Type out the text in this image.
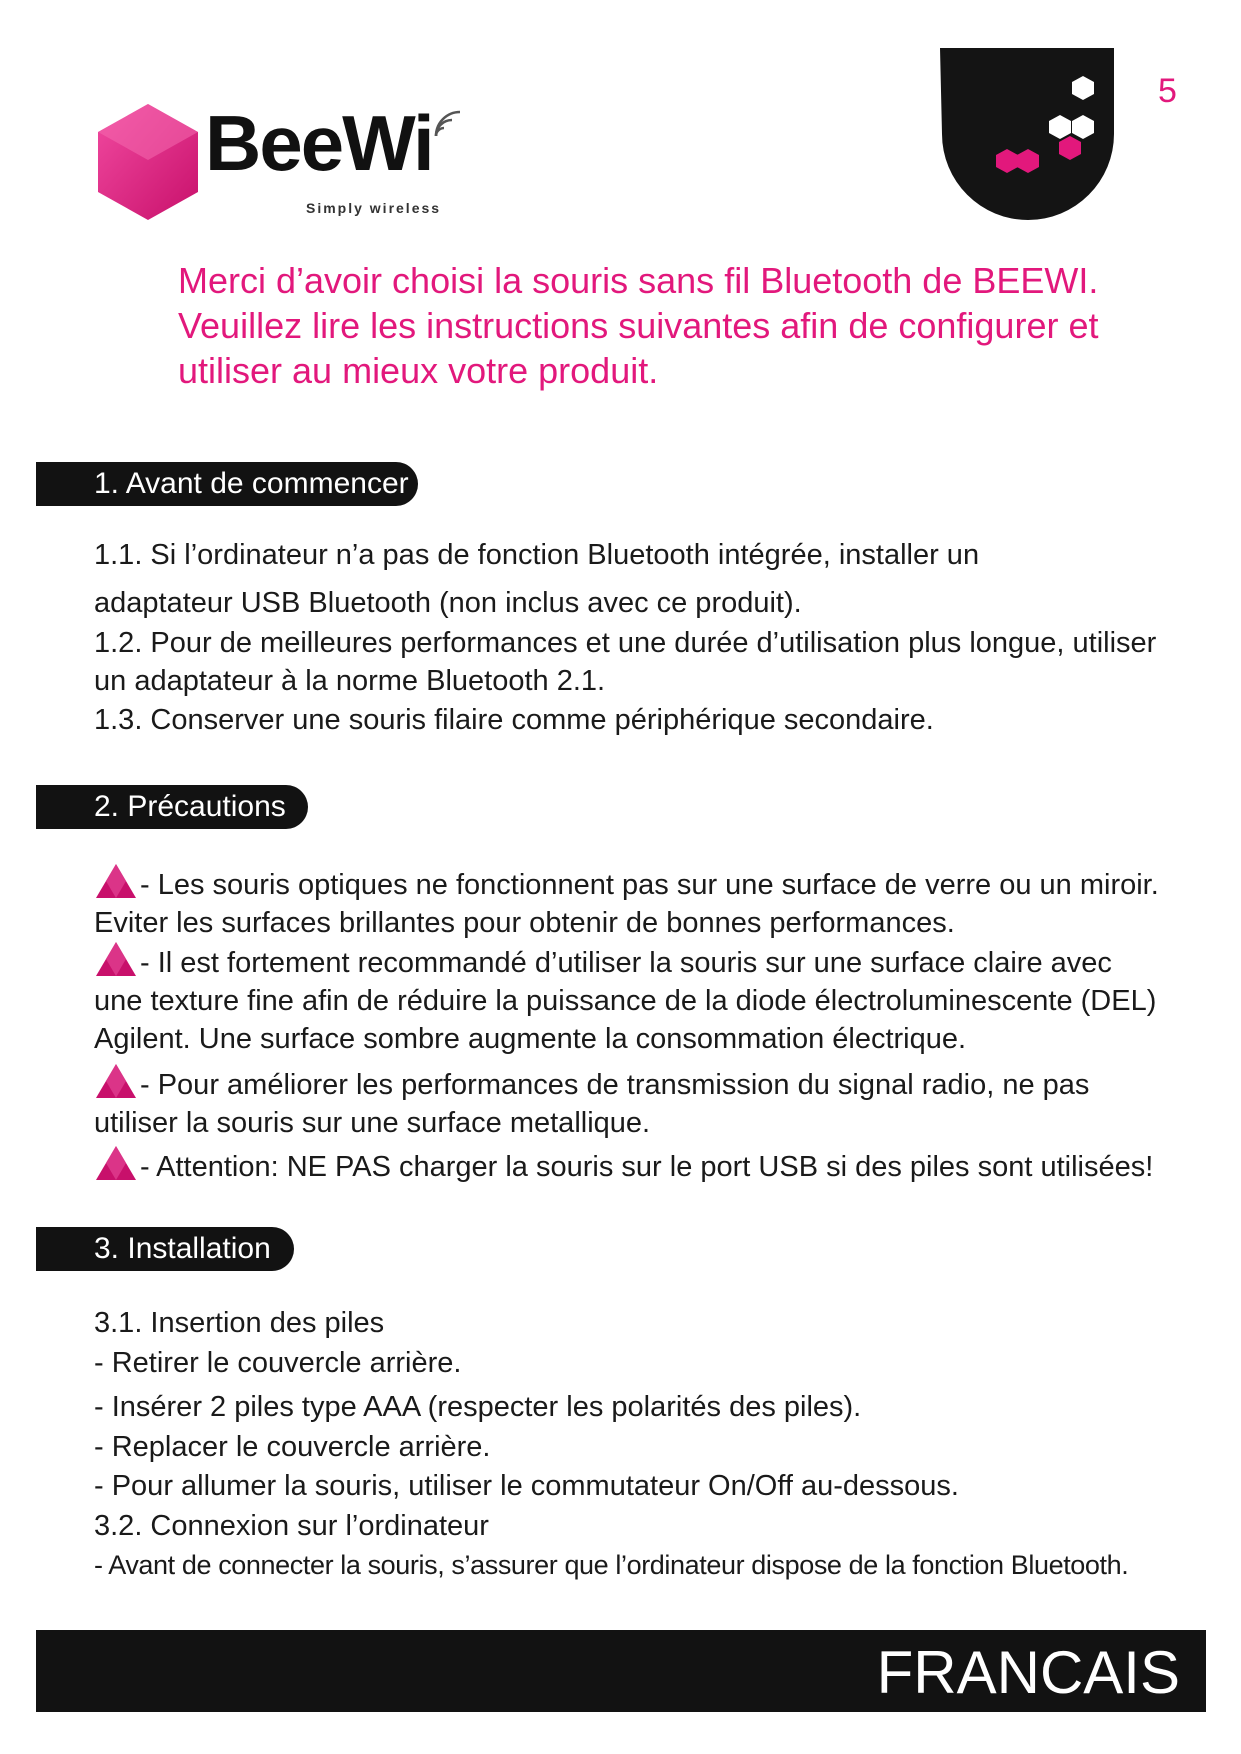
BeeWi
Simply wireless
5
Merci d’avoir choisi la souris sans fil Bluetooth de BEEWI.
Veuillez lire les instructions suivantes afin de configurer et
utiliser au mieux votre produit.
1. Avant de commencer
1.1. Si l’ordinateur n’a pas de fonction Bluetooth intégrée, installer un
adaptateur USB Bluetooth (non inclus avec ce produit).
1.2. Pour de meilleures performances et une durée d’utilisation plus longue, utiliser
un adaptateur à la norme Bluetooth 2.1.
1.3. Conserver une souris filaire comme périphérique secondaire.
2. Précautions
- Les souris optiques ne fonctionnent pas sur une surface de verre ou un miroir. Eviter les surfaces brillantes pour obtenir de bonnes performances.
- Il est fortement recommandé d’utiliser la souris sur une surface claire avec une texture fine afin de réduire la puissance de la diode électroluminescente (DEL) Agilent. Une surface sombre augmente la consommation électrique.
- Pour améliorer les performances de transmission du signal radio, ne pas utiliser la souris sur une surface metallique.
- Attention: NE PAS charger la souris sur le port USB si des piles sont utilisées!
3. Installation
3.1. Insertion des piles
- Retirer le couvercle arrière.
- Insérer 2 piles type AAA (respecter les polarités des piles).
- Replacer le couvercle arrière.
- Pour allumer la souris, utiliser le commutateur On/Off au-dessous.
3.2. Connexion sur l’ordinateur
- Avant de connecter la souris, s’assurer que l’ordinateur dispose de la fonction Bluetooth.
FRANCAIS
